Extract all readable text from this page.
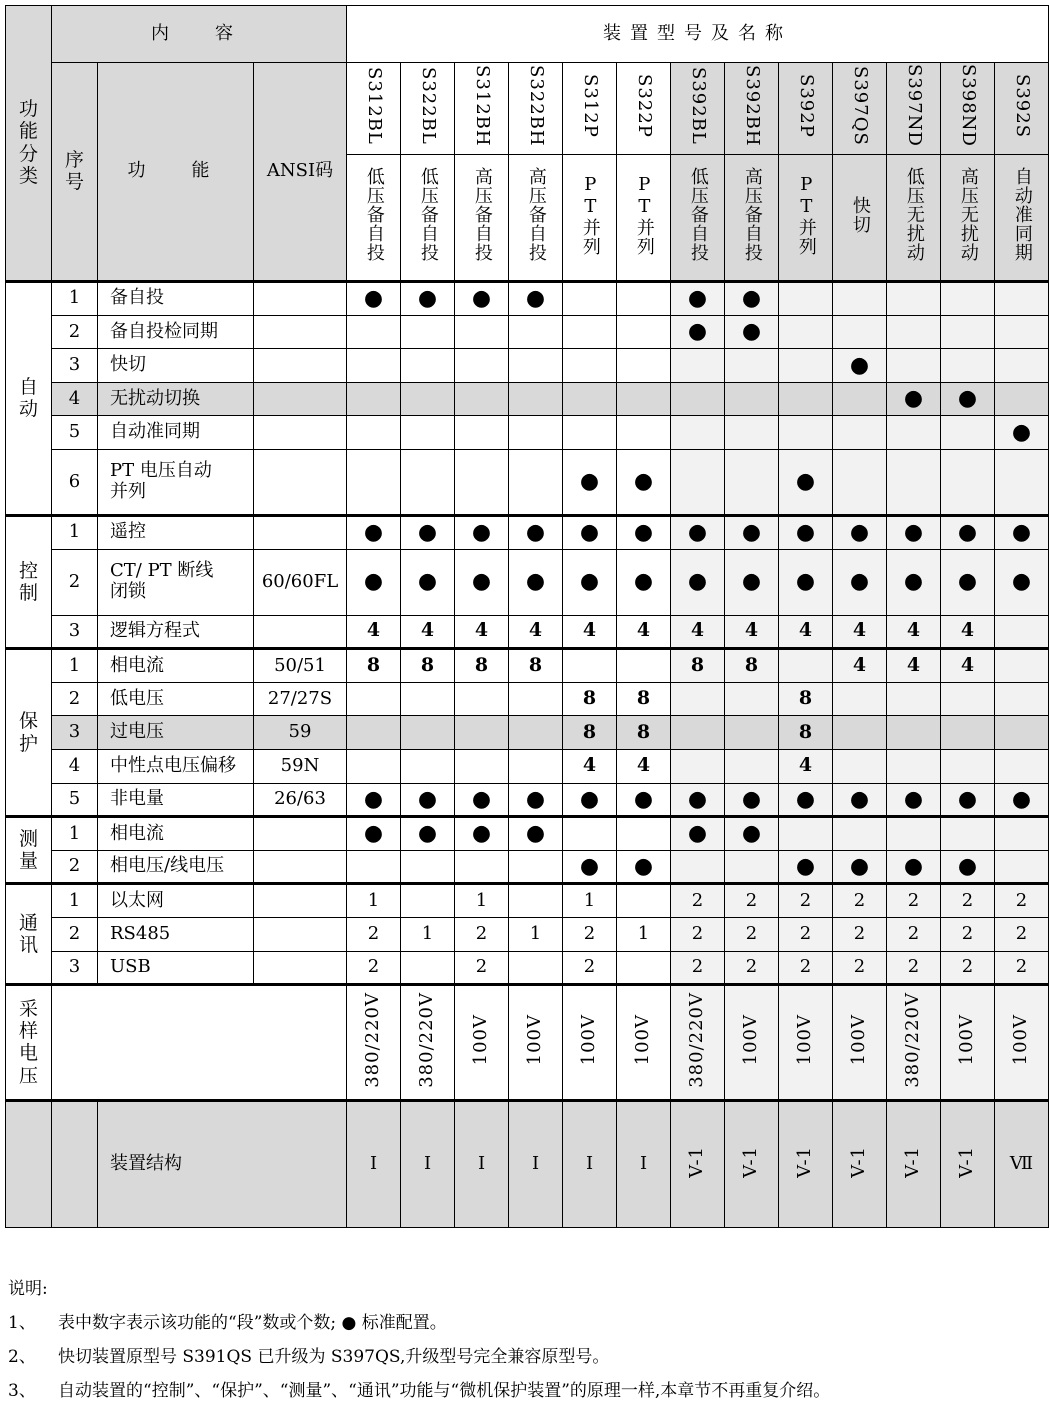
功能分类	内　容			装置型号及名称												
	序号	功　能	ANSI码	S312BL	S322BL	S312BH	S322BH	S312P	S322P	S392BL	S392BH	S392P	S397QS	S397ND	S398ND	S392S
				低压备自投	低压备自投	高压备自投	高压备自投	PT并列	PT并列	低压备自投	高压备自投	PT并列	快切	低压无扰动	高压无扰动	自动准同期
自动	1	备自投		●	●	●	●			●	●					
	2	备自投检同期								●	●					
	3	快切											●			
	4	无扰动切换												●	●	
	5	自动准同期														●
	6	PT 电压自动并列						●	●			●				
控制	1	遥控		●	●	●	●	●	●	●	●	●	●	●	●	●
	2	CT/ PT 断线闭锁	60/60FL	●	●	●	●	●	●	●	●	●	●	●	●	●
	3	逻辑方程式		4	4	4	4	4	4	4	4	4	4	4	4	
保护	1	相电流	50/51	8	8	8	8			8	8		4	4	4	
	2	低电压	27/27S					8	8			8				
	3	过电压	59					8	8			8				
	4	中性点电压偏移	59N					4	4			4				
	5	非电量	26/63	●	●	●	●	●	●	●	●	●	●	●	●	●
测量	1	相电流		●	●	●	●			●	●					
	2	相电压/线电压						●	●			●	●	●	●	
通讯	1	以太网		1		1		1		2	2	2	2	2	2	2
	2	RS485		2	1	2	1	2	1	2	2	2	2	2	2	2
	3	USB		2		2		2		2	2	2	2	2	2	2
采样电压				380/220V	380/220V	100V	100V	100V	100V	380/220V	100V	100V	100V	380/220V	100V	100V
		装置结构		I	I	I	I	I	I	V-1	V-1	V-1	V-1	V-1	V-1	Ⅶ
说明:
1、 表中数字表示该功能的“段”数或个数; ● 标准配置。
2、 快切装置原型号 S391QS 已升级为 S397QS,升级型号完全兼容原型号。
3、 自动装置的“控制”、“保护”、“测量”、“通讯”功能与“微机保护装置”的原理一样,本章节不再重复介绍。
